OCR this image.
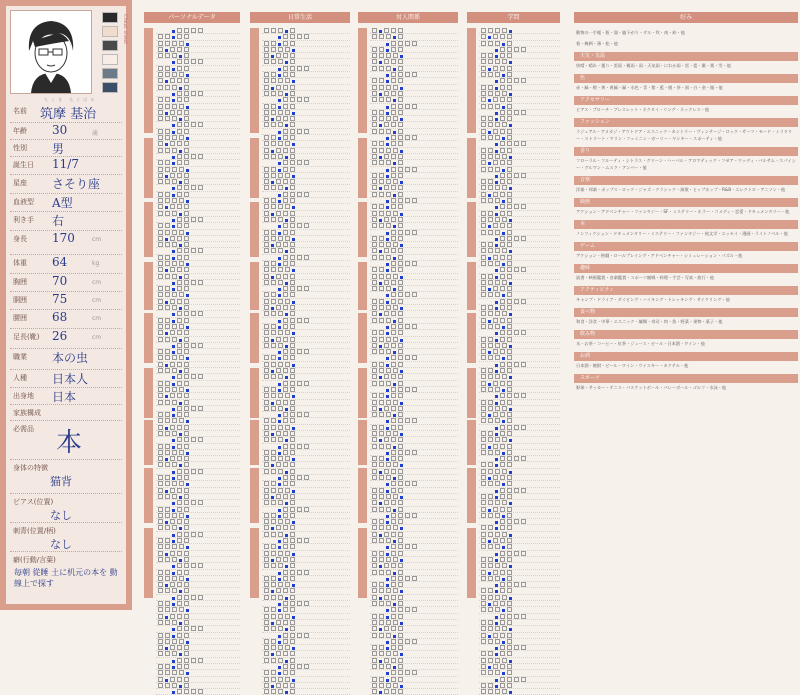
Cheat sheet
名前 筑摩 基治
ちくま もとはる
年齢 30	歳
性別 男
誕生日 11/7
星座 さそり座
血液型 A型
利き手 右
身長 170	cm
体重 64	kg
胸囲 70	cm
胴囲 75	cm
腰囲 68	cm
足長(靴) 26	cm
職業 本の虫
人種 日本人
出身地 日本
家族構成
必需品 本
身体の特徴
猫背
ピアス(位置)
なし
刺青(位置/柄)
なし
癖(行動/言葉)
毎朝 從睡 土に机元の本を 動線上で探す
パーソナルデータ	日常生活	対人関係	学問	好み
動物の一手帳・瓶・器・脇下がり・ダル・吹・南・絵・他
着・梅柄・薄・松・他
天気・気温
快晴・晴れ・曇り・雷雨・霧雨・雨・天気雨・にわか雨・雷・雹・霰・霙・雪・他
色
赤・緑・橙・黄・黄緑・緑・水色・青・紫・藍・桃・茶・黒・白・金・銀・他
アクセサリー
ピアス・ブローチ・ブレスレット・ネクタイ・リング・ネックレス・他
ファッション
ラジュアル・アメカジ・アウトドア・エスニック・カントリー・ヴィンテージ・ロック・サーフ・モード・ミリタリー・ストリート・マリン・フェミニン・ガーリー・ヤンキー・スポーティ・他
香り
フローラル・フルーティ・シトラス・グリーン・ハーバル・アロマティック・フゼア・ウッディ・バルサム・スパイシー・グルマン・ムスク・アンバー・他
音楽
洋楽・邦楽・ポップス・ロック・ジャズ・クラシック・演歌・ヒップホップ・R&B・エレクトロ・アニソン・他
映画
アクション・アドベンチャー・ファンタジー・SF・ミステリー・ホラー・コメディ・恋愛・ドキュメンタリー・他
本
ノンフィクション・ドキュメンタリー・ミステリー・ファンタジー・純文学・エッセイ・漫画・ライトノベル・他
ゲーム
アクション・格闘・ロールプレイング・アドベンチャー・シミュレーション・パズル・他
趣味
読書・映画鑑賞・音楽鑑賞・スポーツ観戦・料理・手芸・写真・旅行・他
アクティビティ
キャンプ・ドライブ・ダイビング・ハイキング・トレッキング・サイクリング・他
食べ物
和食・洋食・中華・エスニック・麺類・寿司・肉・魚・野菜・果物・菓子・他
飲み物
水・お茶・コーヒー・紅茶・ジュース・ビール・日本酒・ワイン・他
お酒
日本酒・焼酎・ビール・ワイン・ウイスキー・カクテル・他
スポーツ
野球・サッカー・テニス・バスケットボール・バレーボール・ゴルフ・水泳・他
